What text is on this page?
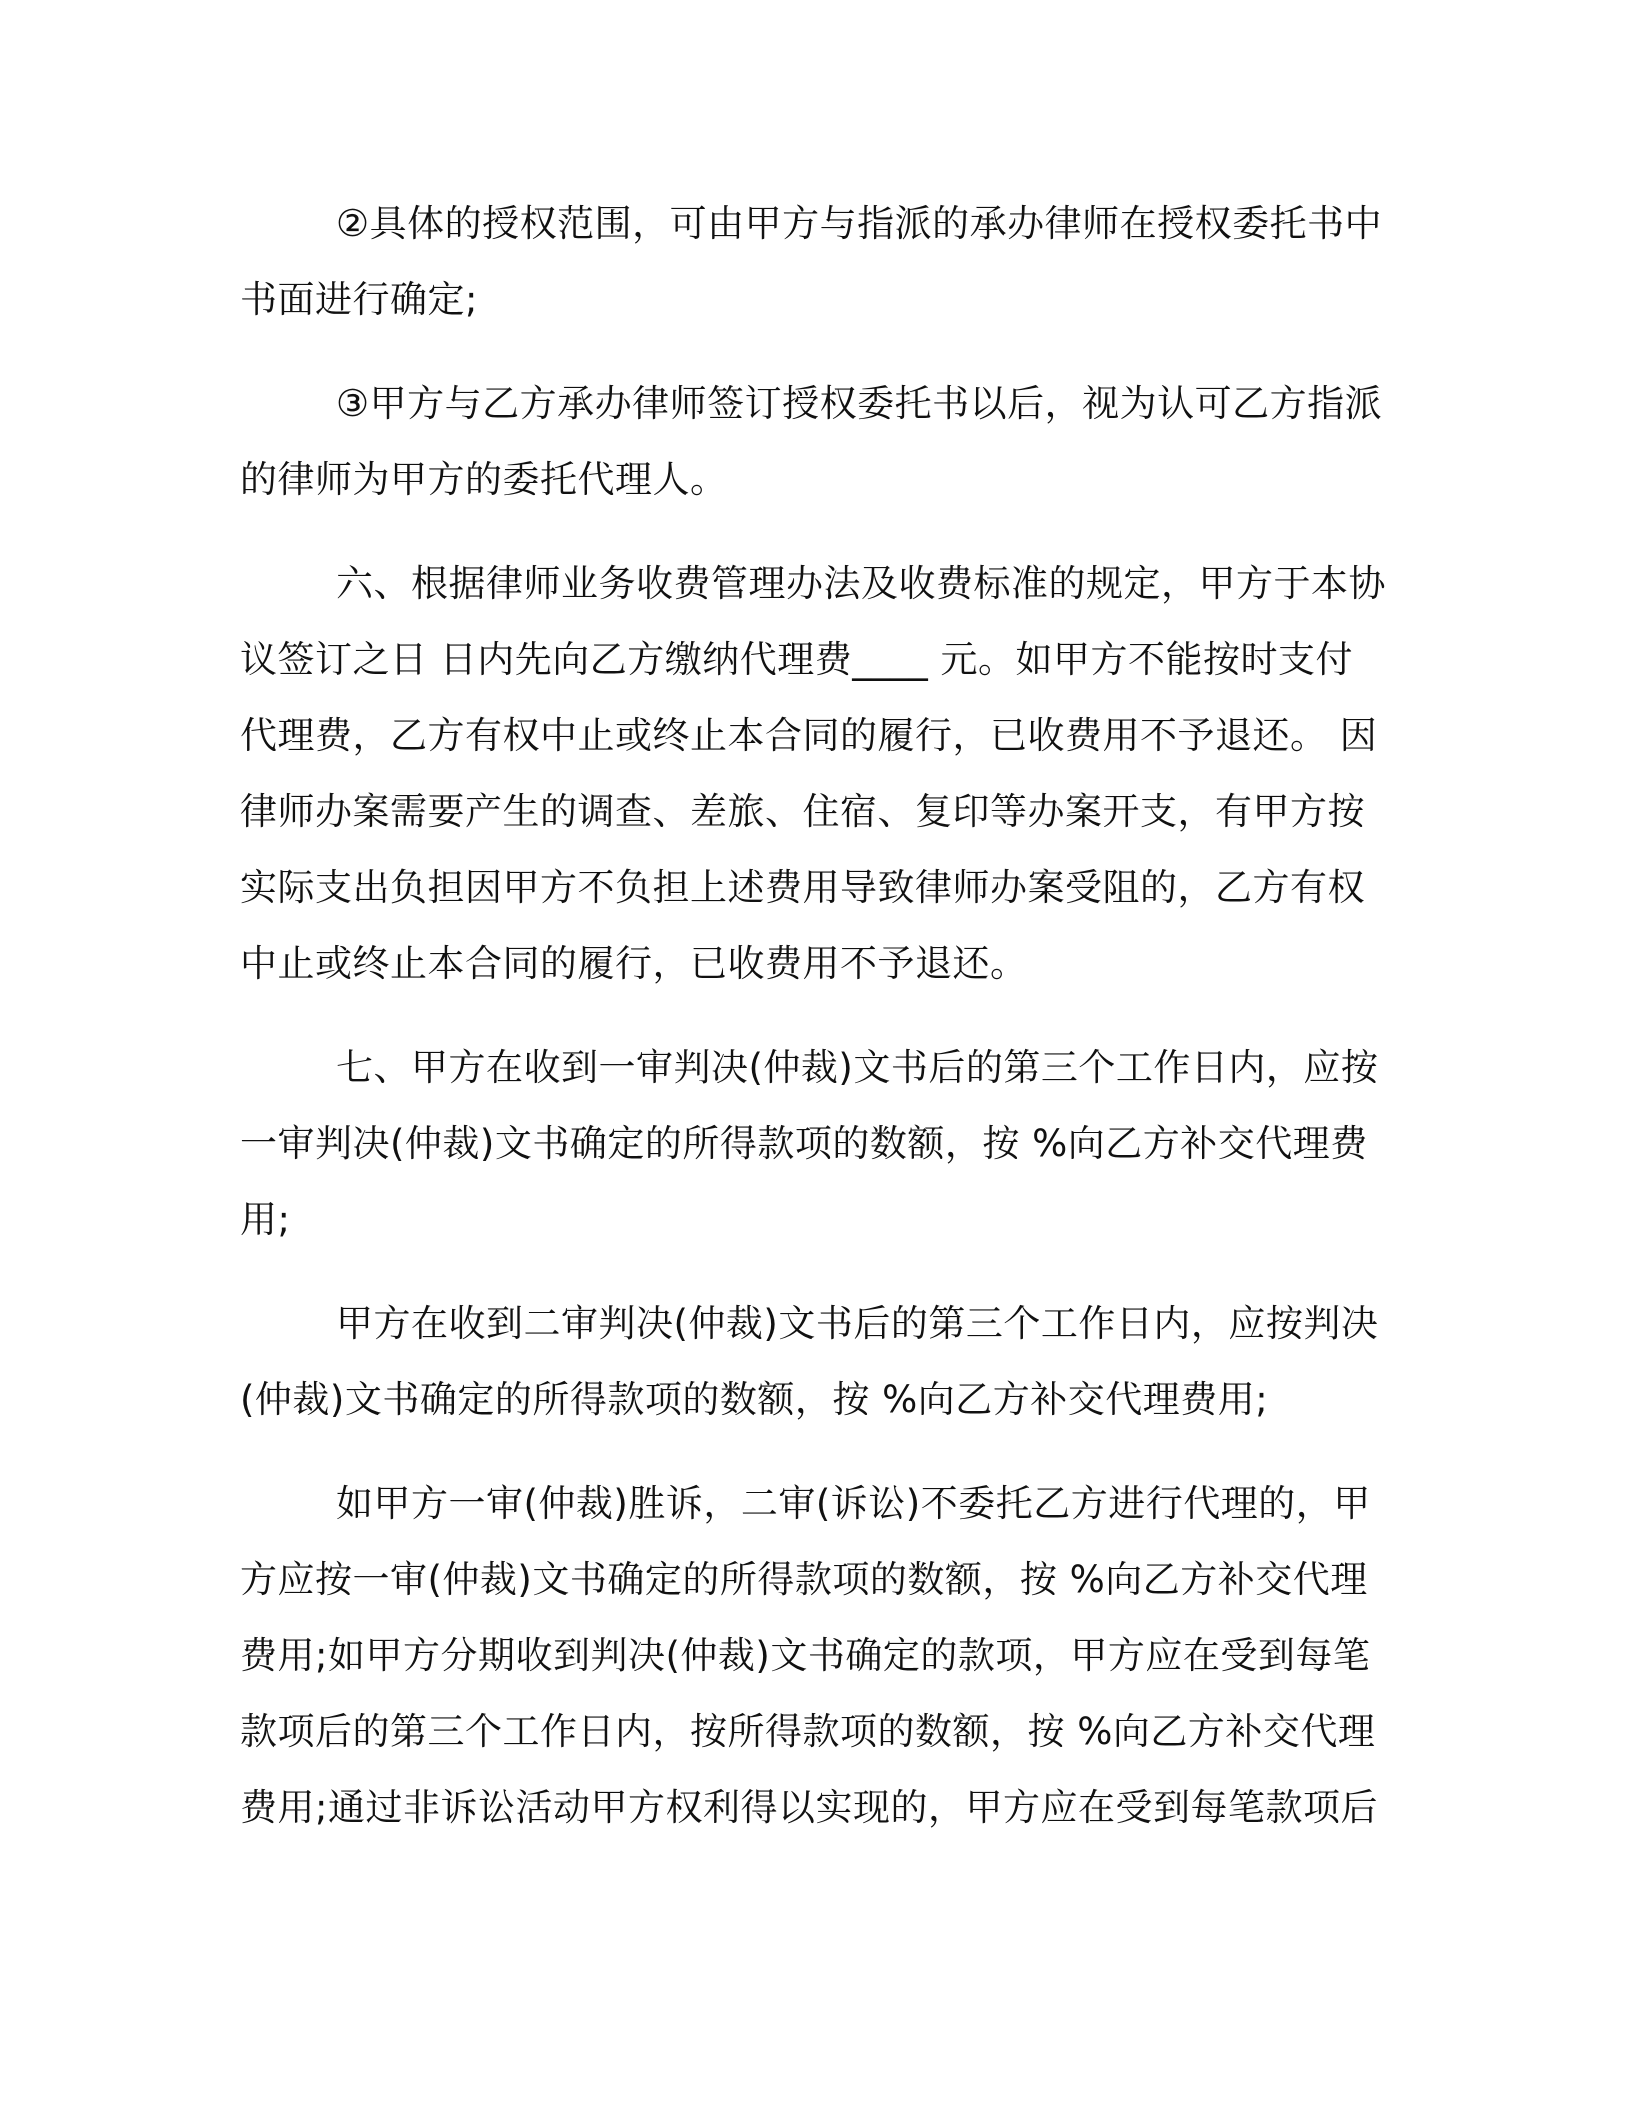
②具体的授权范围，可由甲方与指派的承办律师在授权委托书中书面进行确定;

③甲方与乙方承办律师签订授权委托书以后，视为认可乙方指派的律师为甲方的委托代理人。

六、根据律师业务收费管理办法及收费标准的规定，甲方于本协议签订之日 日内先向乙方缴纳代理费____ 元。如甲方不能按时支付代理费，乙方有权中止或终止本合同的履行，已收费用不予退还。 因律师办案需要产生的调查、差旅、住宿、复印等办案开支，有甲方按实际支出负担因甲方不负担上述费用导致律师办案受阻的，乙方有权中止或终止本合同的履行，已收费用不予退还。

七、甲方在收到一审判决(仲裁)文书后的第三个工作日内，应按一审判决(仲裁)文书确定的所得款项的数额，按 %向乙方补交代理费用;

甲方在收到二审判决(仲裁)文书后的第三个工作日内，应按判决(仲裁)文书确定的所得款项的数额，按 %向乙方补交代理费用;

如甲方一审(仲裁)胜诉，二审(诉讼)不委托乙方进行代理的，甲方应按一审(仲裁)文书确定的所得款项的数额，按 %向乙方补交代理费用;如甲方分期收到判决(仲裁)文书确定的款项，甲方应在受到每笔款项后的第三个工作日内，按所得款项的数额，按 %向乙方补交代理费用;通过非诉讼活动甲方权利得以实现的，甲方应在受到每笔款项后
